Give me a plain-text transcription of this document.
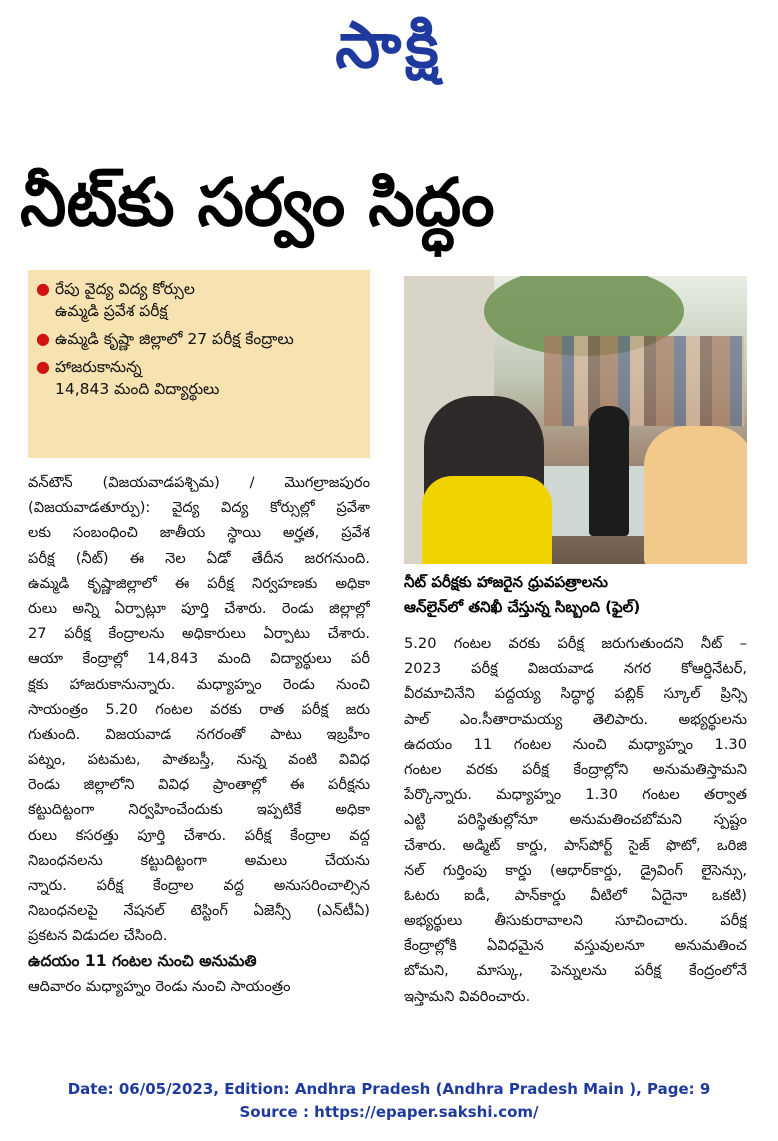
సాక్షి
నీట్‌కు సర్వం సిద్ధం
● రేపు వైద్య విద్య కోర్సుల
ఉమ్మడి ప్రవేశ పరీక్ష
● ఉమ్మడి కృష్ణా జిల్లాలో 27 పరీక్ష కేంద్రాలు
● హాజరుకానున్న
14,843 మంది విద్యార్థులు
నీట్ పరీక్షకు హాజరైన ధ్రువపత్రాలను
ఆన్‌లైన్‌లో తనిఖీ చేస్తున్న సిబ్బంది (ఫైల్)
వన్‌టౌన్ (విజయవాడపశ్చిమ) / మొగల్రాజపురం
(విజయవాడతూర్పు): వైద్య విద్య కోర్సుల్లో ప్రవేశా
లకు సంబంధించి జాతీయ స్థాయి అర్హత, ప్రవేశ
పరీక్ష (నీట్) ఈ నెల ఏడో తేదీన జరగనుంది.
ఉమ్మడి కృష్ణాజిల్లాలో ఈ పరీక్ష నిర్వహణకు అధికా
రులు అన్ని ఏర్పాట్లూ పూర్తి చేశారు. రెండు జిల్లాల్లో
27 పరీక్ష కేంద్రాలను అధికారులు ఏర్పాటు చేశారు.
ఆయా కేంద్రాల్లో 14,843 మంది విద్యార్థులు పరీ
క్షకు హాజరుకానున్నారు. మధ్యాహ్నం రెండు నుంచి
సాయంత్రం 5.20 గంటల వరకు రాత పరీక్ష జరు
గుతుంది. విజయవాడ నగరంతో పాటు ఇబ్రహీం
పట్నం, పటమట, పాతబస్తీ, నున్న వంటి వివిధ
రెండు జిల్లాలోని వివిధ ప్రాంతాల్లో ఈ పరీక్షను
కట్టుదిట్టంగా నిర్వహించేందుకు ఇప్పటికే అధికా
రులు కసరత్తు పూర్తి చేశారు. పరీక్ష కేంద్రాల వద్ద
నిబంధనలను కట్టుదిట్టంగా అమలు చేయను
న్నారు. పరీక్ష కేంద్రాల వద్ద అనుసరించాల్సిన
నిబంధనలపై నేషనల్ టెస్టింగ్ ఏజెన్సీ (ఎన్‌టీఏ)
ప్రకటన విడుదల చేసింది.
ఉదయం 11 గంటల నుంచి అనుమతి
ఆదివారం మధ్యాహ్నం రెండు నుంచి సాయంత్రం
5.20 గంటల వరకు పరీక్ష జరుగుతుందని నీట్ –
2023 పరీక్ష విజయవాడ నగర కోఆర్డినేటర్,
వీరమాచినేని పద్దయ్య సిద్ధార్థ పబ్లిక్ స్కూల్ ప్రిన్సి
పాల్ ఎం.సీతారామయ్య తెలిపారు. అభ్యర్థులను
ఉదయం 11 గంటల నుంచి మధ్యాహ్నం 1.30
గంటల వరకు పరీక్ష కేంద్రాల్లోని అనుమతిస్తామని
పేర్కొన్నారు. మధ్యాహ్నం 1.30 గంటల తర్వాత
ఎట్టి పరిస్థితుల్లోనూ అనుమతించబోమని స్పష్టం
చేశారు. అడ్మిట్ కార్డు, పాస్‌పోర్ట్ సైజ్ ఫొటో, ఒరిజి
నల్ గుర్తింపు కార్డు (ఆధార్‌కార్డు, డ్రైవింగ్ లైసెన్సు,
ఓటరు ఐడీ, పాన్‌కార్డు వీటిలో ఏదైనా ఒకటి)
అభ్యర్థులు తీసుకురావాలని సూచించారు. పరీక్ష
కేంద్రాల్లోకి ఏవిధమైన వస్తువులనూ అనుమతించ
బోమని, మాస్కు, పెన్నులను పరీక్ష కేంద్రంలోనే
ఇస్తామని వివరించారు.
Date: 06/05/2023, Edition: Andhra Pradesh (Andhra Pradesh Main ), Page: 9
Source : https://epaper.sakshi.com/
